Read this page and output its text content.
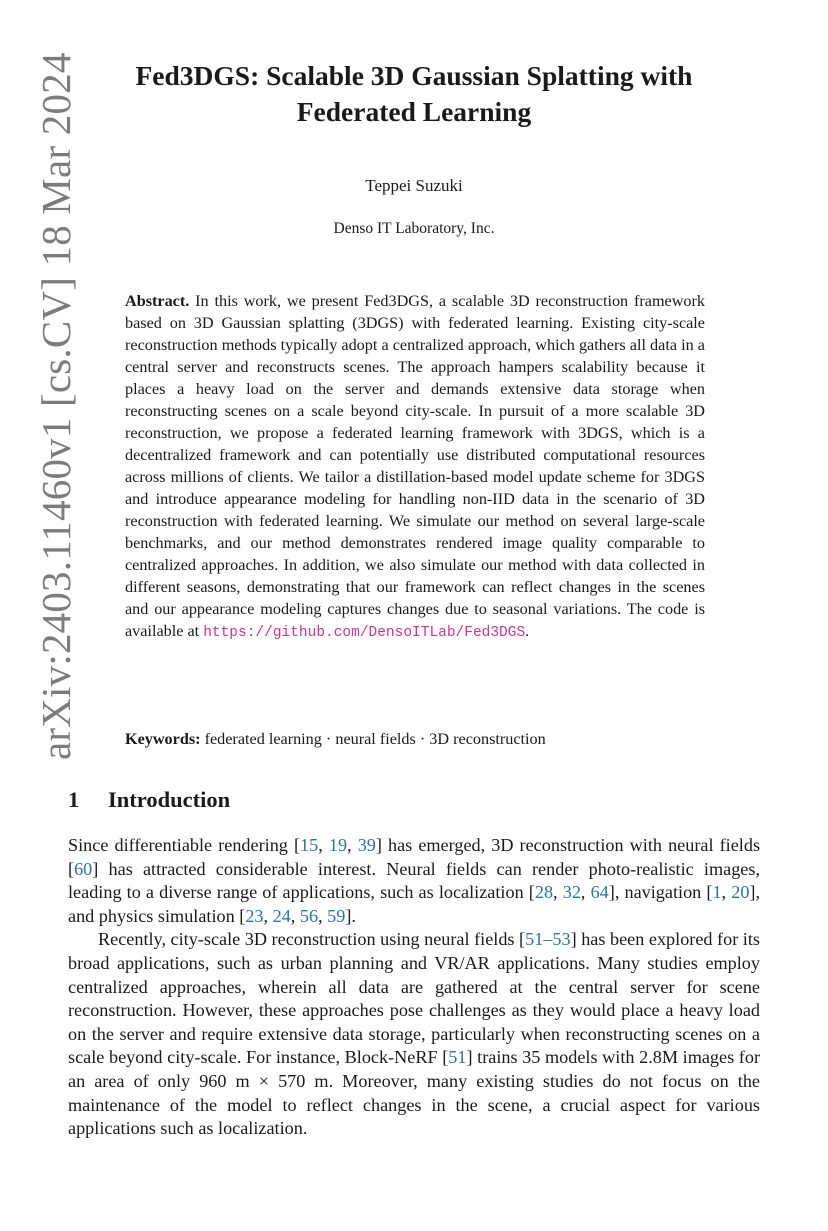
arXiv:2403.11460v1 [cs.CV] 18 Mar 2024	Fed3DGS: Scalable 3D Gaussian Splatting with
Federated Learning
Teppei Suzuki
Denso IT Laboratory, Inc.

Abstract. In this work, we present Fed3DGS, a scalable 3D reconstruction framework based on 3D Gaussian splatting (3DGS) with federated learning. Existing city-scale reconstruction methods typically adopt a centralized approach, which gathers all data in a central server and reconstructs scenes. The approach hampers scalability because it places a heavy load on the server and demands extensive data storage when reconstructing scenes on a scale beyond city-scale. In pursuit of a more scalable 3D reconstruction, we propose a federated learning framework with 3DGS, which is a decentralized framework and can potentially use distributed computational resources across millions of clients. We tailor a distillation-based model update scheme for 3DGS and introduce appearance modeling for handling non-IID data in the scenario of 3D reconstruction with federated learning. We simulate our method on several large-scale benchmarks, and our method demonstrates rendered image quality comparable to centralized approaches. In addition, we also simulate our method with data collected in different seasons, demonstrating that our framework can reflect changes in the scenes and our appearance modeling captures changes due to seasonal variations. The code is available at https://github.com/DensoITLab/Fed3DGS.

Keywords: federated learning · neural fields · 3D reconstruction
1 Introduction

Since differentiable rendering [15, 19, 39] has emerged, 3D reconstruction with neural fields [60] has attracted considerable interest. Neural fields can render photo-realistic images, leading to a diverse range of applications, such as localization [28, 32, 64], navigation [1, 20], and physics simulation [23, 24, 56, 59].

Recently, city-scale 3D reconstruction using neural fields [51–53] has been explored for its broad applications, such as urban planning and VR/AR applications. Many studies employ centralized approaches, wherein all data are gathered at the central server for scene reconstruction. However, these approaches pose challenges as they would place a heavy load on the server and require extensive data storage, particularly when reconstructing scenes on a scale beyond city-scale. For instance, Block-NeRF [51] trains 35 models with 2.8M images for an area of only 960 m × 570 m. Moreover, many existing studies do not focus on the maintenance of the model to reflect changes in the scene, a crucial aspect for various applications such as localization.
